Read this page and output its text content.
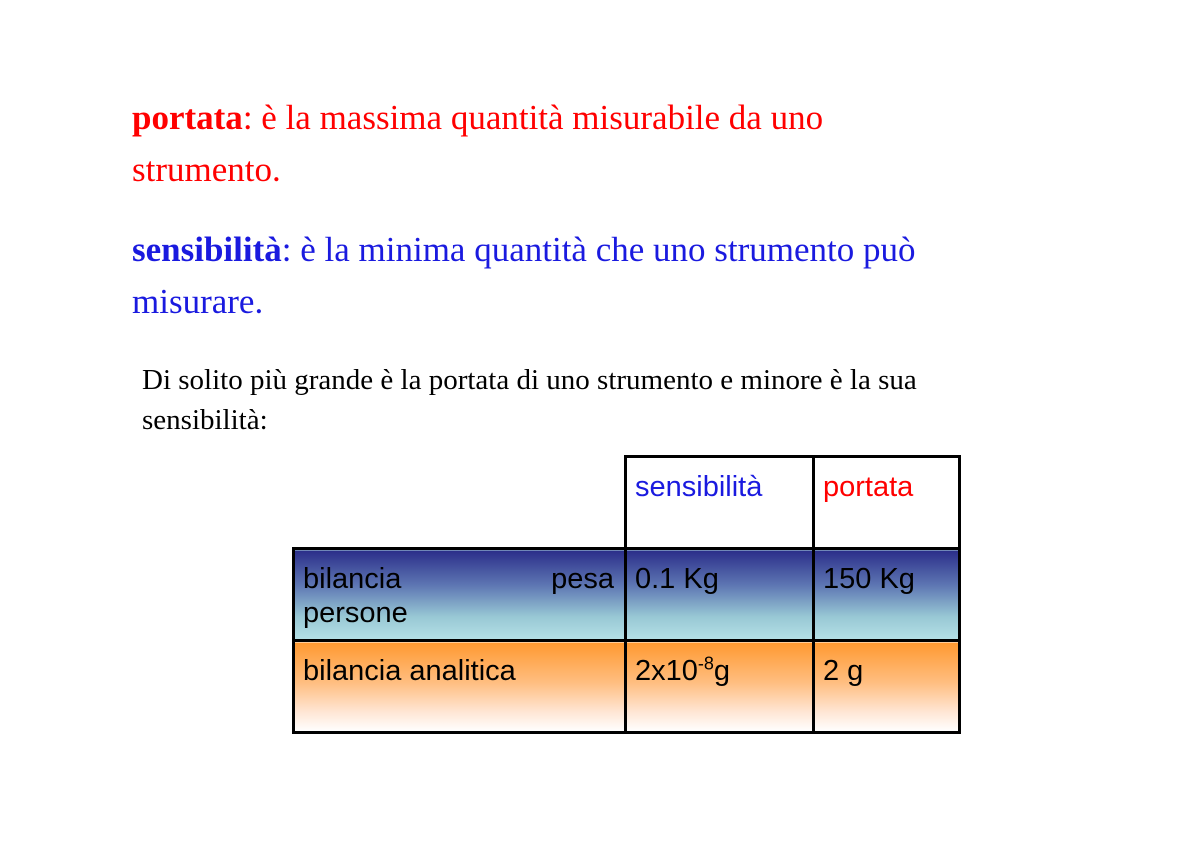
portata: è la massima quantità misurabile da uno strumento.

sensibilità: è la minima quantità che uno strumento può misurare.

Di solito più grande è la portata di uno strumento e minore è la sua sensibilità:

	sensibilità	portata

bilancia pesa
persone	0.1 Kg	150 Kg
bilancia analitica	$2x10^{-8}g$	2 g
